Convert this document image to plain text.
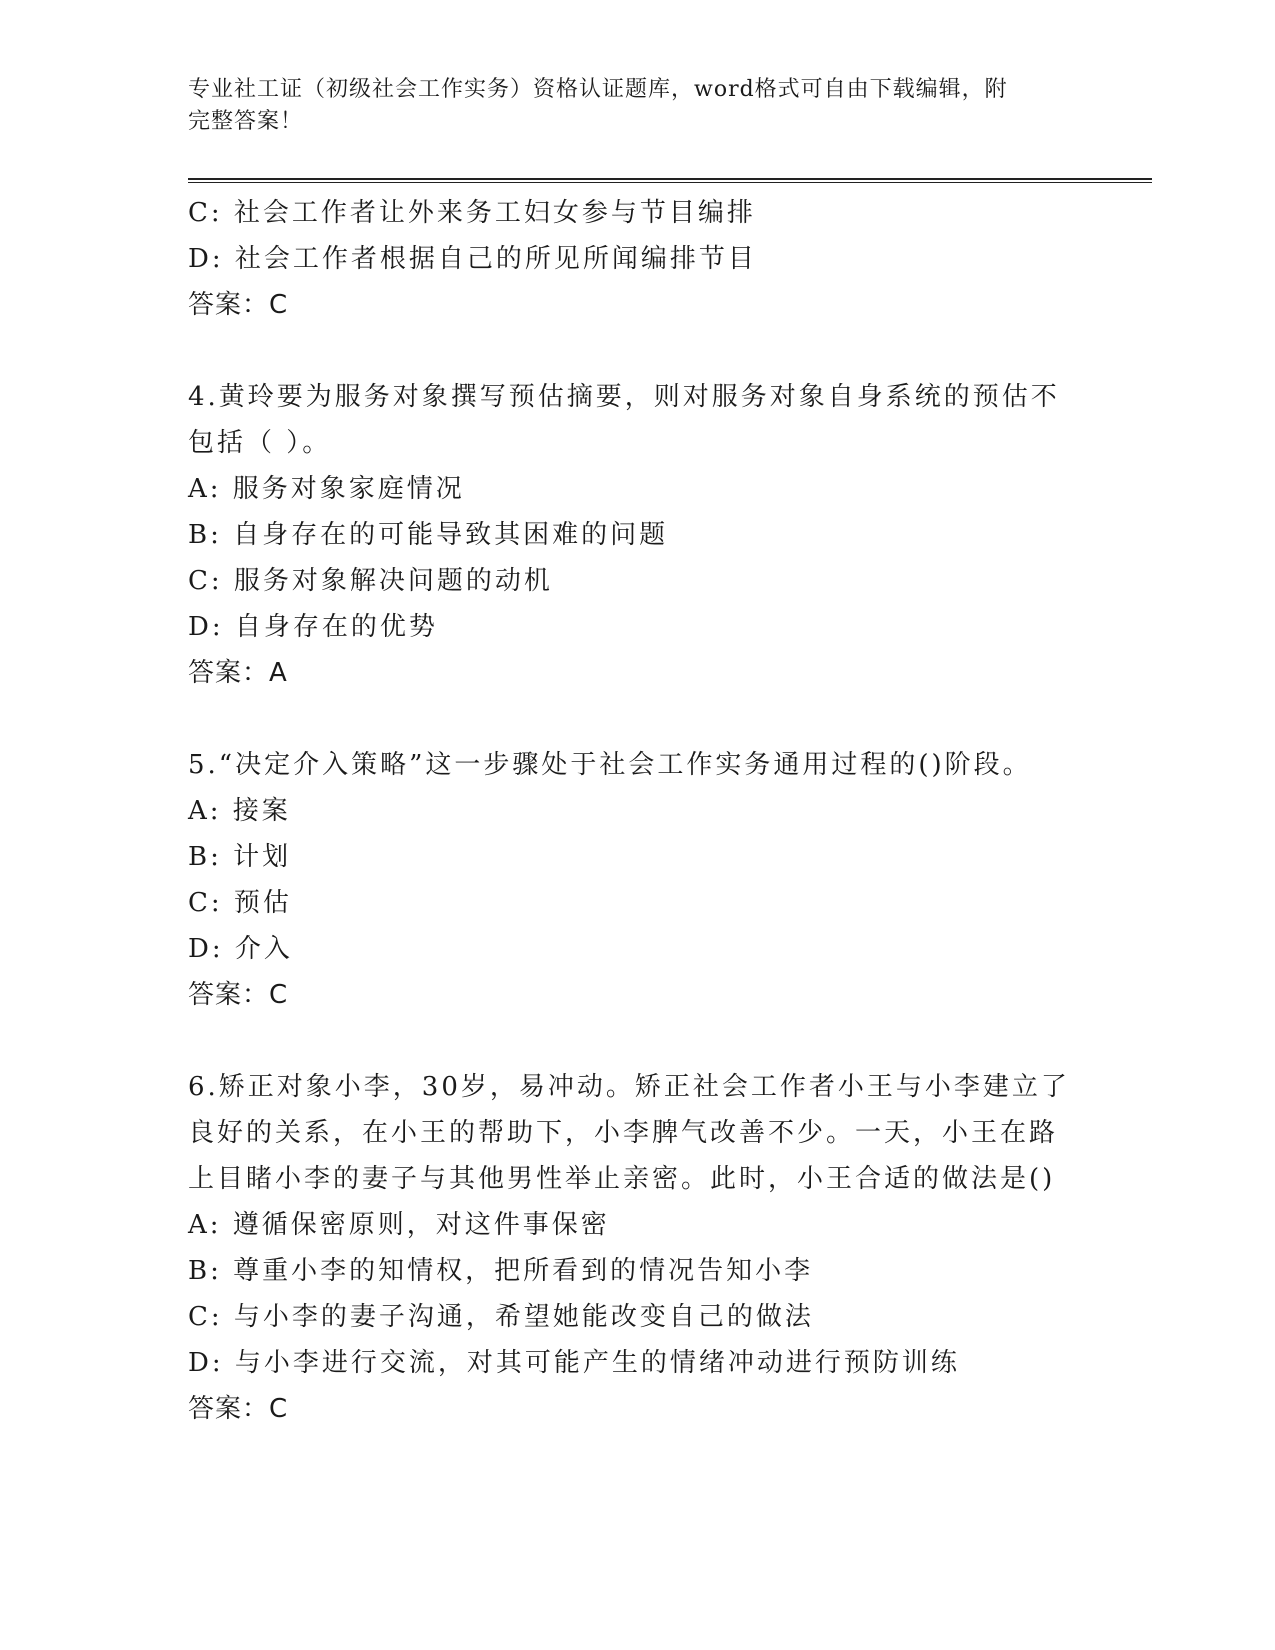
专业社工证（初级社会工作实务）资格认证题库，word格式可自由下载编辑，附
完整答案！
C: 社会工作者让外来务工妇女参与节目编排
D: 社会工作者根据自己的所见所闻编排节目
答案：C
4.黄玲要为服务对象撰写预估摘要，则对服务对象自身系统的预估不
包括（ ）。
A: 服务对象家庭情况
B: 自身存在的可能导致其困难的问题
C: 服务对象解决问题的动机
D: 自身存在的优势
答案：A
5.“决定介入策略”这一步骤处于社会工作实务通用过程的()阶段。
A: 接案
B: 计划
C: 预估
D: 介入
答案：C
6.矫正对象小李，30岁，易冲动。矫正社会工作者小王与小李建立了
良好的关系，在小王的帮助下，小李脾气改善不少。一天，小王在路
上目睹小李的妻子与其他男性举止亲密。此时，小王合适的做法是()
A: 遵循保密原则，对这件事保密
B: 尊重小李的知情权，把所看到的情况告知小李
C: 与小李的妻子沟通，希望她能改变自己的做法
D: 与小李进行交流，对其可能产生的情绪冲动进行预防训练
答案：C
